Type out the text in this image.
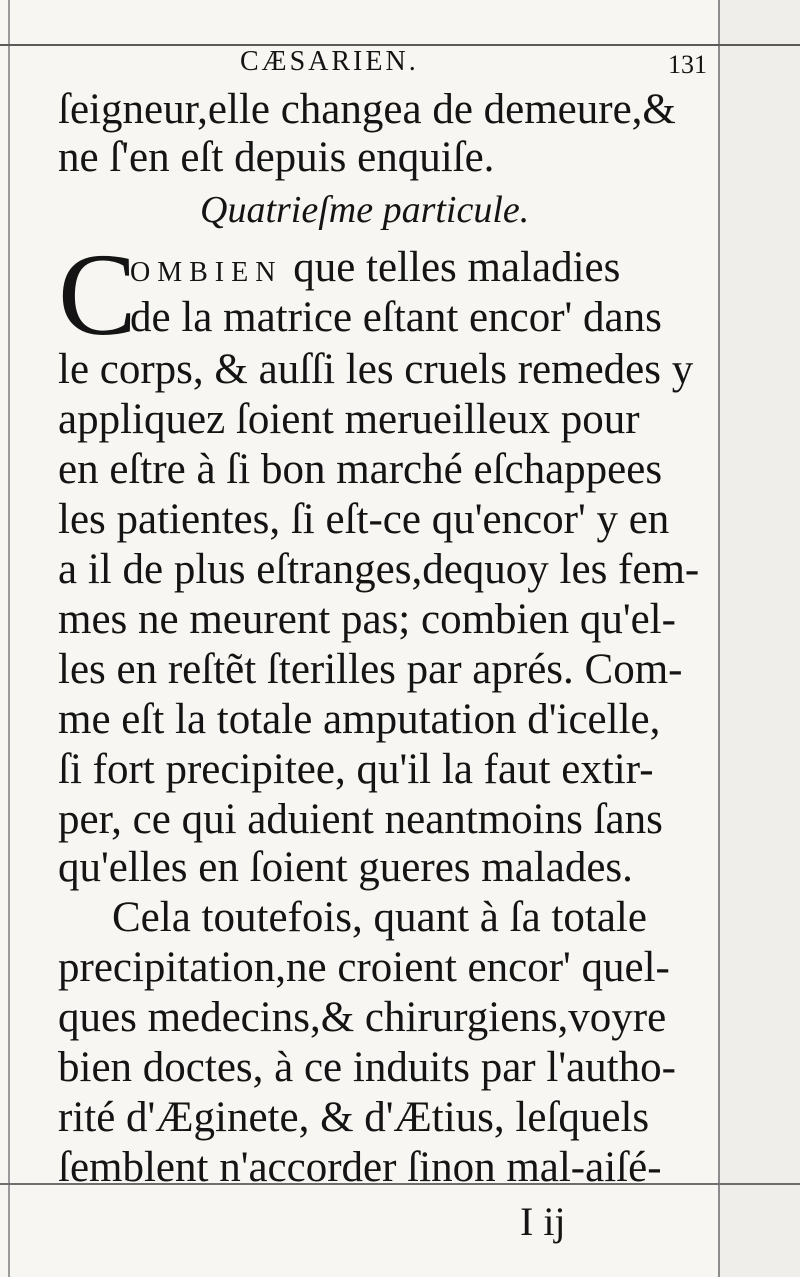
CÆSARIEN.	131
ſeigneur,elle changea de demeure,&
ne ſ'en eſt depuis enquiſe.
Quatrieſme particule.
C
OMBIEN que telles maladies
de la matrice eſtant encor' dans
le corps, & auſſi les cruels remedes y
appliquez ſoient merueilleux pour
en eſtre à ſi bon marché eſchappees
les patientes, ſi eſt-ce qu'encor' y en
a il de plus eſtranges,dequoy les fem-
mes ne meurent pas; combien qu'el-
les en reſtẽt ſterilles par aprés. Com-
me eſt la totale amputation d'icelle,
ſi fort precipitee, qu'il la faut extir-
per, ce qui aduient neantmoins ſans
qu'elles en ſoient gueres malades.
Cela toutefois, quant à ſa totale
precipitation,ne croient encor' quel-
ques medecins,& chirurgiens,voyre
bien doctes, à ce induits par l'autho-
rité d'Æginete, & d'Ætius, leſquels
ſemblent n'accorder ſinon mal-aiſé-
I ij
